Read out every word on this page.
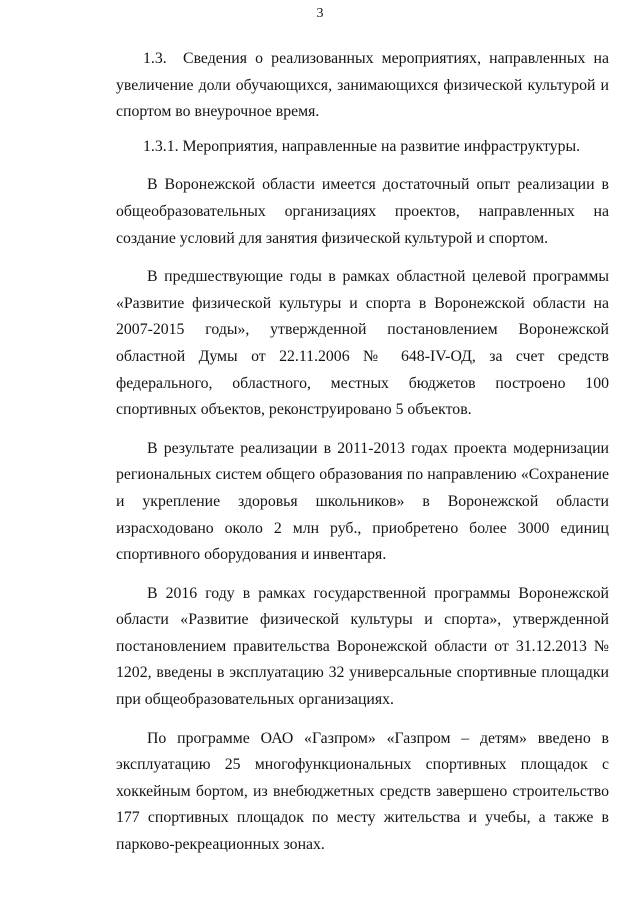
3

1.3.  Сведения о реализованных мероприятиях, направленных на увеличение доли обучающихся, занимающихся физической культурой и спортом во внеурочное время.

1.3.1. Мероприятия, направленные на развитие инфраструктуры.

В Воронежской области имеется достаточный опыт реализации в общеобразовательных организациях проектов, направленных на создание условий для занятия физической культурой и спортом.

В предшествующие годы в рамках областной целевой программы «Развитие физической культуры и спорта в Воронежской области на 2007-2015 годы», утвержденной постановлением Воронежской областной Думы от 22.11.2006 № 648-IV-ОД, за счет средств федерального, областного, местных бюджетов построено 100 спортивных объектов, реконструировано 5 объектов.

В результате реализации в 2011-2013 годах проекта модернизации региональных систем общего образования по направлению «Сохранение и укрепление здоровья школьников» в Воронежской области израсходовано около 2 млн руб., приобретено более 3000 единиц спортивного оборудования и инвентаря.

В 2016 году в рамках государственной программы Воронежской области «Развитие физической культуры и спорта», утвержденной постановлением правительства Воронежской области от 31.12.2013 № 1202, введены в эксплуатацию 32 универсальные спортивные площадки при общеобразовательных организациях.

По программе ОАО «Газпром» «Газпром – детям» введено в эксплуатацию 25 многофункциональных спортивных площадок с хоккейным бортом, из внебюджетных средств завершено строительство 177 спортивных площадок по месту жительства и учебы, а также в парково-рекреационных зонах.
